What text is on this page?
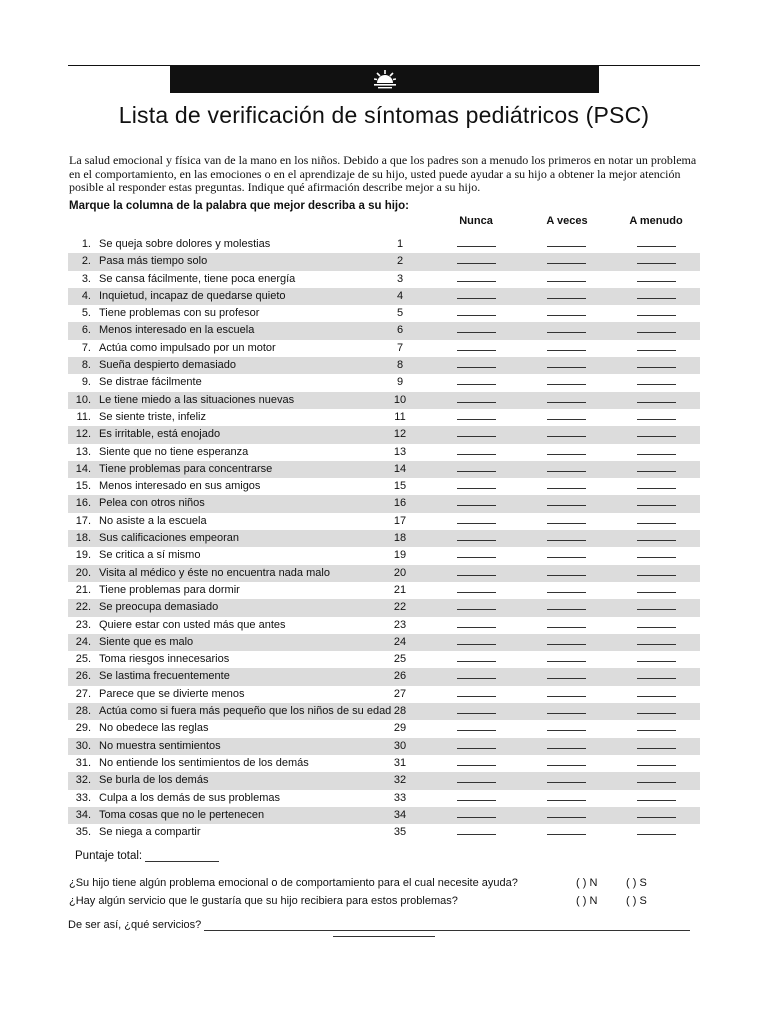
Lista de verificación de síntomas pediátricos (PSC)
La salud emocional y física van de la mano en los niños. Debido a que los padres son a menudo los primeros en notar un problema en el comportamiento, en las emociones o en el aprendizaje de su hijo, usted puede ayudar a su hijo a obtener la mejor atención posible al responder estas preguntas. Indique qué afirmación describe mejor a su hijo.
Marque la columna de la palabra que mejor describa a su hijo:
Nunca	A veces	A menudo
1. Se queja sobre dolores y molestias	1
2. Pasa más tiempo solo	2
3. Se cansa fácilmente, tiene poca energía	3
4. Inquietud, incapaz de quedarse quieto	4
5. Tiene problemas con su profesor	5
6. Menos interesado en la escuela	6
7. Actúa como impulsado por un motor	7
8. Sueña despierto demasiado	8
9. Se distrae fácilmente	9
10. Le tiene miedo a las situaciones nuevas	10
11. Se siente triste, infeliz	11
12. Es irritable, está enojado	12
13. Siente que no tiene esperanza	13
14. Tiene problemas para concentrarse	14
15. Menos interesado en sus amigos	15
16. Pelea con otros niños	16
17. No asiste a la escuela	17
18. Sus calificaciones empeoran	18
19. Se critica a sí mismo	19
20. Visita al médico y éste no encuentra nada malo	20
21. Tiene problemas para dormir	21
22. Se preocupa demasiado	22
23. Quiere estar con usted más que antes	23
24. Siente que es malo	24
25. Toma riesgos innecesarios	25
26. Se lastima frecuentemente	26
27. Parece que se divierte menos	27
28. Actúa como si fuera más pequeño que los niños de su edad 28
29. No obedece las reglas	29
30. No muestra sentimientos	30
31. No entiende los sentimientos de los demás	31
32. Se burla de los demás	32
33. Culpa a los demás de sus problemas	33
34. Toma cosas que no le pertenecen	34
35. Se niega a compartir	35
Puntaje total:
¿Su hijo tiene algún problema emocional o de comportamiento para el cual necesite ayuda?	( ) N	( ) S
¿Hay algún servicio que le gustaría que su hijo recibiera para estos problemas?	( ) N	( ) S
De ser así, ¿qué servicios?
